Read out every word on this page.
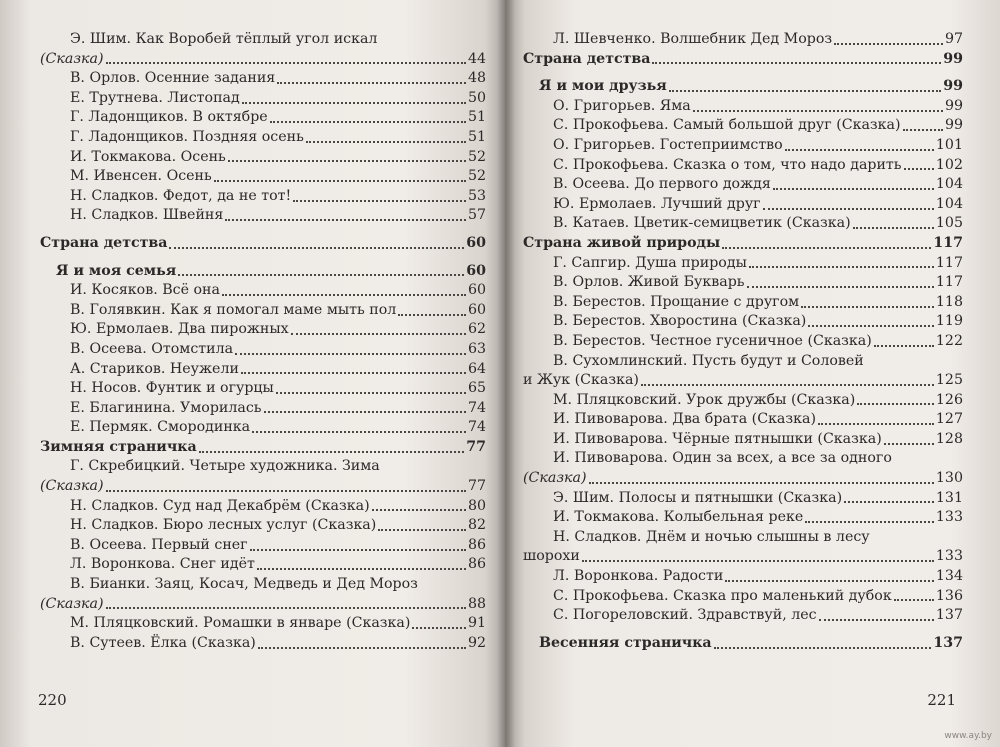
Э. Шим. Как Воробей тёплый угол искал
(Сказка)	44
В. Орлов. Осенние задания	48
Е. Трутнева. Листопад	50
Г. Ладонщиков. В октябре	51
Г. Ладонщиков. Поздняя осень	51
И. Токмакова. Осень	52
М. Ивенсен. Осень	52
Н. Сладков. Федот, да не тот!	53
Н. Сладков. Швейня	57
Страна детства	60
Я и моя семья	60
И. Косяков. Всё она	60
В. Голявкин. Как я помогал маме мыть пол	60
Ю. Ермолаев. Два пирожных	62
В. Осеева. Отомстила	63
А. Стариков. Неужели	64
Н. Носов. Фунтик и огурцы	65
Е. Благинина. Уморилась	74
Е. Пермяк. Смородинка	74
Зимняя страничка	77
Г. Скребицкий. Четыре художника. Зима
(Сказка)	77
Н. Сладков. Суд над Декабрём (Сказка)	80
Н. Сладков. Бюро лесных услуг (Сказка)	82
В. Осеева. Первый снег	86
Л. Воронкова. Снег идёт	86
В. Бианки. Заяц, Косач, Медведь и Дед Мороз
(Сказка)	88
М. Пляцковский. Ромашки в январе (Сказка)	91
В. Сутеев. Ёлка (Сказка)	92
220
Л. Шевченко. Волшебник Дед Мороз	97
Страна детства	99
Я и мои друзья	99
О. Григорьев. Яма	99
С. Прокофьева. Самый большой друг (Сказка)	99
О. Григорьев. Гостеприимство	101
С. Прокофьева. Сказка о том, что надо дарить 102
В. Осеева. До первого дождя	104
Ю. Ермолаев. Лучший друг	104
В. Катаев. Цветик-семицветик (Сказка)	105
Страна живой природы	117
Г. Сапгир. Душа природы	117
В. Орлов. Живой Букварь	117
В. Берестов. Прощание с другом	118
В. Берестов. Хворостина (Сказка)	119
В. Берестов. Честное гусеничное (Сказка)	122
В. Сухомлинский. Пусть будут и Соловей
и Жук (Сказка)	125
М. Пляцковский. Урок дружбы (Сказка)	126
И. Пивоварова. Два брата (Сказка)	127
И. Пивоварова. Чёрные пятнышки (Сказка)	128
И. Пивоварова. Один за всех, а все за одного
(Сказка)	130
Э. Шим. Полосы и пятнышки (Сказка)	131
И. Токмакова. Колыбельная реке	133
Н. Сладков. Днём и ночью слышны в лесу
шорохи	133
Л. Воронкова. Радости	134
С. Прокофьева. Сказка про маленький дубок	136
С. Погореловский. Здравствуй, лес	137
Весенняя страничка	137
221
www.ay.by
